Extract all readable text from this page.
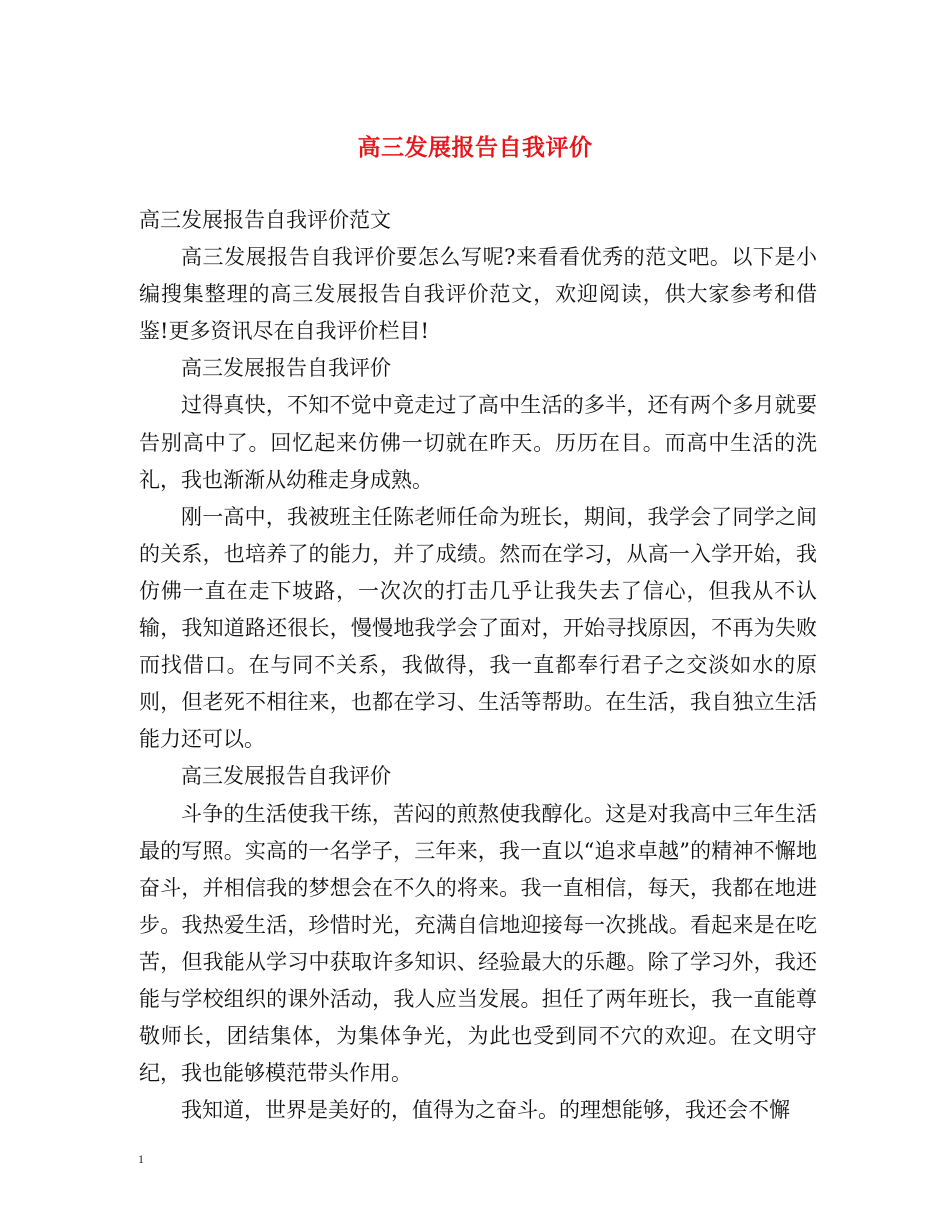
高三发展报告自我评价

高三发展报告自我评价范文

高三发展报告自我评价要怎么写呢?来看看优秀的范文吧。以下是小编搜集整理的高三发展报告自我评价范文，欢迎阅读，供大家参考和借鉴!更多资讯尽在自我评价栏目!

高三发展报告自我评价

过得真快，不知不觉中竟走过了高中生活的多半，还有两个多月就要告别高中了。回忆起来仿佛一切就在昨天。历历在目。而高中生活的洗礼，我也渐渐从幼稚走身成熟。

刚一高中，我被班主任陈老师任命为班长，期间，我学会了同学之间的关系，也培养了的能力，并了成绩。然而在学习，从高一入学开始，我仿佛一直在走下坡路，一次次的打击几乎让我失去了信心，但我从不认输，我知道路还很长，慢慢地我学会了面对，开始寻找原因，不再为失败而找借口。在与同不关系，我做得，我一直都奉行君子之交淡如水的原则，但老死不相往来，也都在学习、生活等帮助。在生活，我自独立生活能力还可以。

高三发展报告自我评价

斗争的生活使我干练，苦闷的煎熬使我醇化。这是对我高中三年生活最的写照。实高的一名学子，三年来，我一直以“追求卓越”的精神不懈地奋斗，并相信我的梦想会在不久的将来。我一直相信，每天，我都在地进步。我热爱生活，珍惜时光，充满自信地迎接每一次挑战。看起来是在吃苦，但我能从学习中获取许多知识、经验最大的乐趣。除了学习外，我还能与学校组织的课外活动，我人应当发展。担任了两年班长，我一直能尊敬师长，团结集体，为集体争光，为此也受到同不穴的欢迎。在文明守纪，我也能够模范带头作用。

我知道，世界是美好的，值得为之奋斗。的理想能够，我还会不懈

1
